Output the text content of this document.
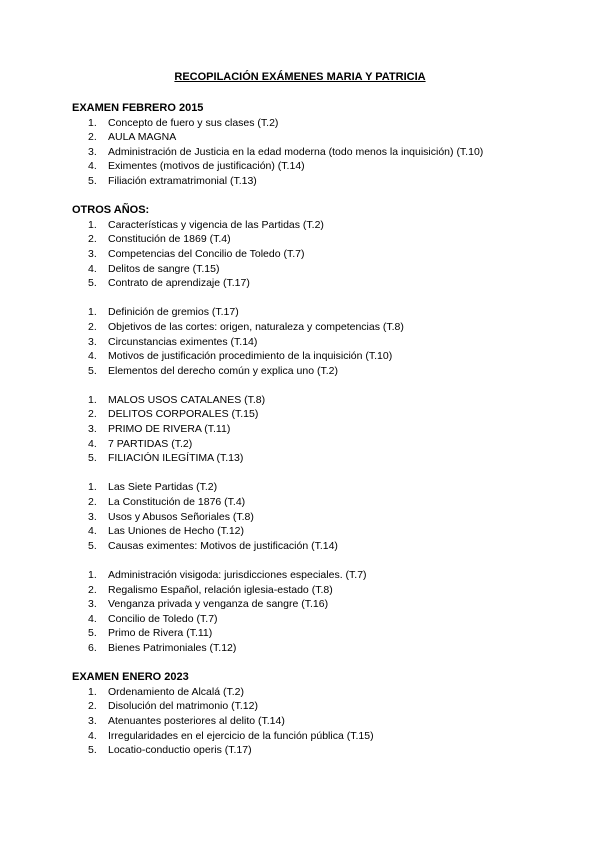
RECOPILACIÓN EXÁMENES MARIA Y PATRICIA
EXAMEN FEBRERO 2015
1. Concepto de fuero y sus clases (T.2)
2. AULA MAGNA
3. Administración de Justicia en la edad moderna (todo menos la inquisición) (T.10)
4. Eximentes (motivos de justificación) (T.14)
5. Filiación extramatrimonial (T.13)
OTROS AÑOS:
1. Características y vigencia de las Partidas (T.2)
2. Constitución de 1869 (T.4)
3. Competencias del Concilio de Toledo (T.7)
4. Delitos de sangre (T.15)
5. Contrato de aprendizaje (T.17)
1. Definición de gremios (T.17)
2. Objetivos de las cortes: origen, naturaleza y competencias (T.8)
3. Circunstancias eximentes (T.14)
4. Motivos de justificación procedimiento de la inquisición (T.10)
5. Elementos del derecho común y explica uno (T.2)
1. MALOS USOS CATALANES (T.8)
2. DELITOS CORPORALES (T.15)
3. PRIMO DE RIVERA (T.11)
4. 7 PARTIDAS (T.2)
5. FILIACIÓN ILEGÍTIMA (T.13)
1. Las Siete Partidas (T.2)
2. La Constitución de 1876 (T.4)
3. Usos y Abusos Señoriales (T.8)
4. Las Uniones de Hecho (T.12)
5. Causas eximentes: Motivos de justificación (T.14)
1. Administración visigoda: jurisdicciones especiales. (T.7)
2. Regalismo Español, relación iglesia-estado (T.8)
3. Venganza privada y venganza de sangre (T.16)
4. Concilio de Toledo (T.7)
5. Primo de Rivera (T.11)
6. Bienes Patrimoniales (T.12)
EXAMEN ENERO 2023
1. Ordenamiento de Alcalá (T.2)
2. Disolución del matrimonio (T.12)
3. Atenuantes posteriores al delito (T.14)
4. Irregularidades en el ejercicio de la función pública (T.15)
5. Locatio-conductio operis (T.17)
